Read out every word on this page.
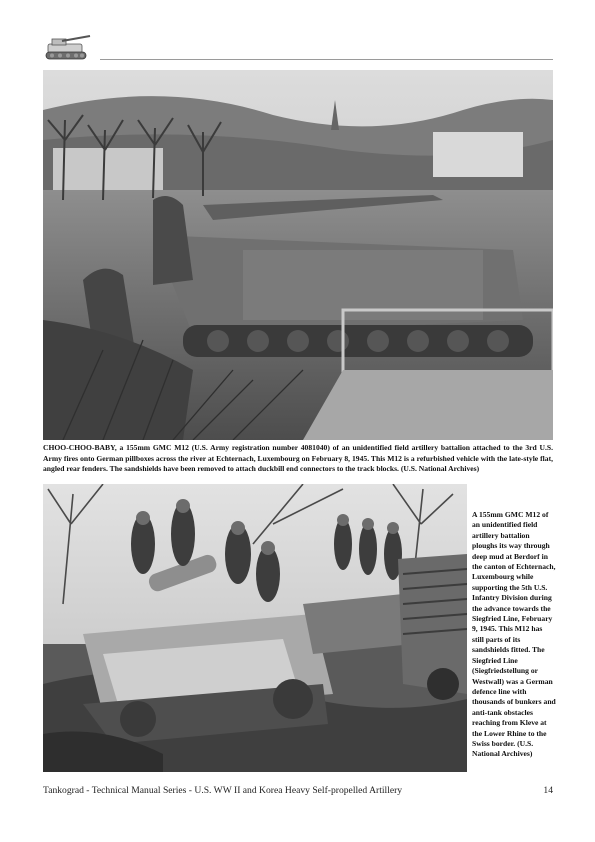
CHOO-CHOO-BABY, a 155mm GMC M12 (U.S. Army registration number 4081040) of an unidentified field artillery battalion attached to the 3rd U.S. Army fires onto German pillboxes across the river at Echternach, Luxembourg on February 8, 1945. This M12 is a refurbished vehicle with the late-style flat, angled rear fenders. The sandshields have been removed to attach duckbill end connectors to the track blocks. (U.S. National Archives)
A 155mm GMC M12 of an unidentified field artillery battalion ploughs its way through deep mud at Berdorf in the canton of Echternach, Luxembourg while supporting the 5th U.S. Infantry Division during the advance towards the Siegfried Line, February 9, 1945. This M12 has still parts of its sandshields fitted. The Siegfried Line (Siegfriedstellung or Westwall) was a German defence line with thousands of bunkers and anti-tank obstacles reaching from Kleve at the Lower Rhine to the Swiss border. (U.S. National Archives)
Tankograd - Technical Manual Series - U.S. WW II and Korea Heavy Self-propelled Artillery	14
